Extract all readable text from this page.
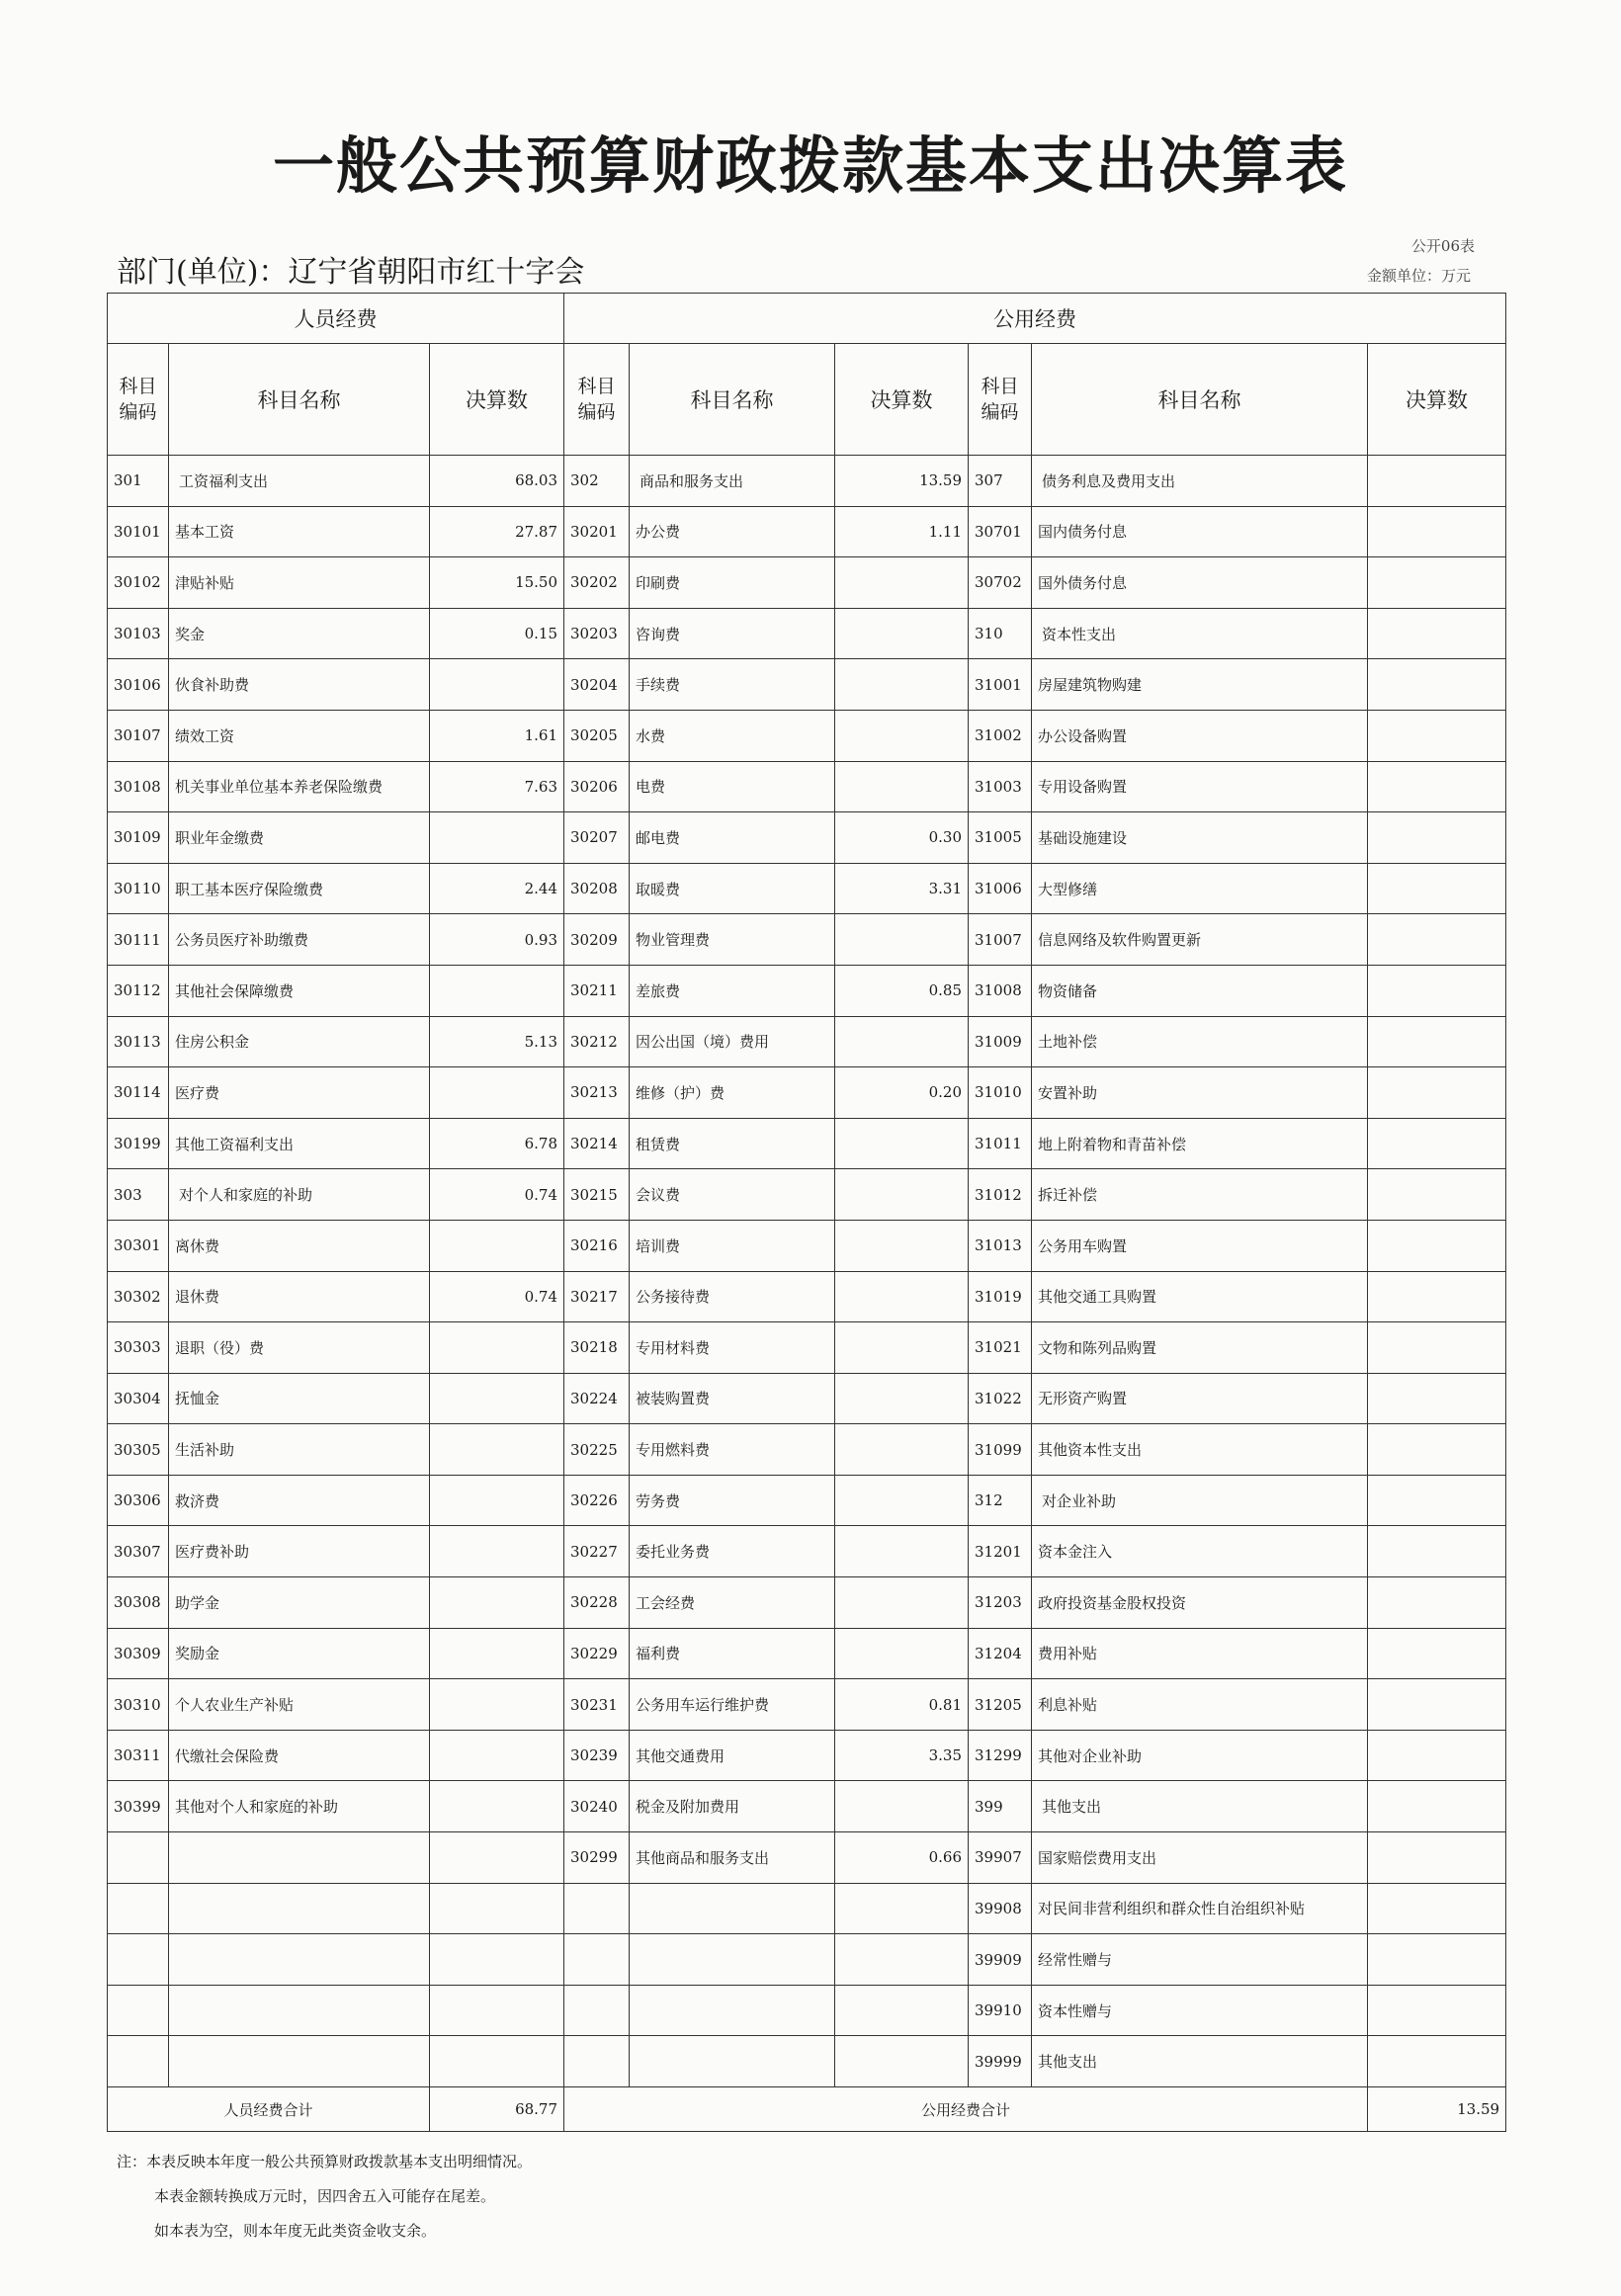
一般公共预算财政拨款基本支出决算表
公开06表
部门(单位)：辽宁省朝阳市红十字会	金额单位：万元
人员经费			公用经费					
科目编码	科目名称	决算数	科目编码	科目名称	决算数	科目编码	科目名称	决算数
301	工资福利支出	68.03	302	商品和服务支出	13.59	307	债务利息及费用支出	
30101	基本工资	27.87	30201	办公费	1.11	30701	国内债务付息	
30102	津贴补贴	15.50	30202	印刷费		30702	国外债务付息	
30103	奖金	0.15	30203	咨询费		310	资本性支出	
30106	伙食补助费		30204	手续费		31001	房屋建筑物购建	
30107	绩效工资	1.61	30205	水费		31002	办公设备购置	
30108	机关事业单位基本养老保险缴费	7.63	30206	电费		31003	专用设备购置	
30109	职业年金缴费		30207	邮电费	0.30	31005	基础设施建设	
30110	职工基本医疗保险缴费	2.44	30208	取暖费	3.31	31006	大型修缮	
30111	公务员医疗补助缴费	0.93	30209	物业管理费		31007	信息网络及软件购置更新	
30112	其他社会保障缴费		30211	差旅费	0.85	31008	物资储备	
30113	住房公积金	5.13	30212	因公出国（境）费用		31009	土地补偿	
30114	医疗费		30213	维修（护）费	0.20	31010	安置补助	
30199	其他工资福利支出	6.78	30214	租赁费		31011	地上附着物和青苗补偿	
303	对个人和家庭的补助	0.74	30215	会议费		31012	拆迁补偿	
30301	离休费		30216	培训费		31013	公务用车购置	
30302	退休费	0.74	30217	公务接待费		31019	其他交通工具购置	
30303	退职（役）费		30218	专用材料费		31021	文物和陈列品购置	
30304	抚恤金		30224	被装购置费		31022	无形资产购置	
30305	生活补助		30225	专用燃料费		31099	其他资本性支出	
30306	救济费		30226	劳务费		312	对企业补助	
30307	医疗费补助		30227	委托业务费		31201	资本金注入	
30308	助学金		30228	工会经费		31203	政府投资基金股权投资	
30309	奖励金		30229	福利费		31204	费用补贴	
30310	个人农业生产补贴		30231	公务用车运行维护费	0.81	31205	利息补贴	
30311	代缴社会保险费		30239	其他交通费用	3.35	31299	其他对企业补助	
30399	其他对个人和家庭的补助		30240	税金及附加费用		399	其他支出	
			30299	其他商品和服务支出	0.66	39907	国家赔偿费用支出	
						39908	对民间非营利组织和群众性自治组织补贴	
						39909	经常性赠与	
						39910	资本性赠与	
						39999	其他支出	
人员经费合计		68.77	公用经费合计					13.59
注：本表反映本年度一般公共预算财政拨款基本支出明细情况。
本表金额转换成万元时，因四舍五入可能存在尾差。
如本表为空，则本年度无此类资金收支余。
